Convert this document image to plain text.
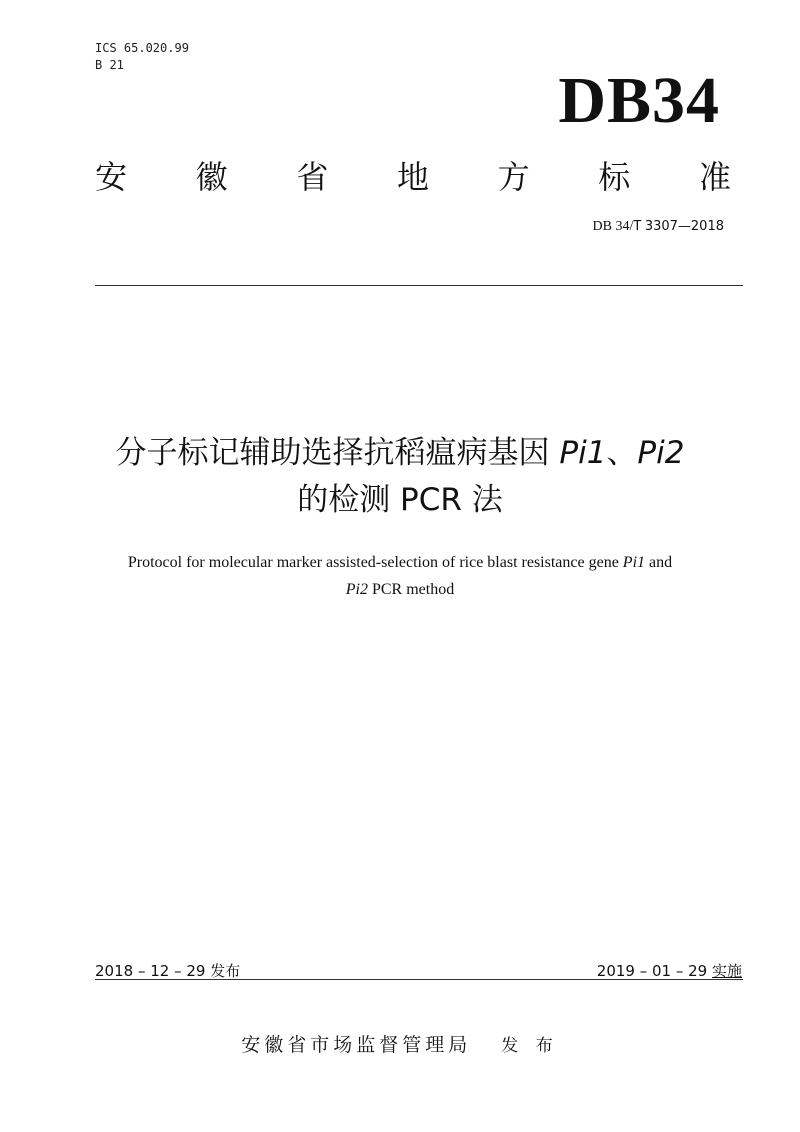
ICS 65.020.99
B 21	DB34
安 徽 省 地 方 标 准
DB 34/T 3307—2018
分子标记辅助选择抗稻瘟病基因 Pi1、Pi2
的检测 PCR 法
Protocol for molecular marker assisted-selection of rice blast resistance gene Pi1 and
Pi2 PCR method
2018 – 12 – 29 发布	2019 – 01 – 29 实施
安徽省市场监督管理局 发 布
